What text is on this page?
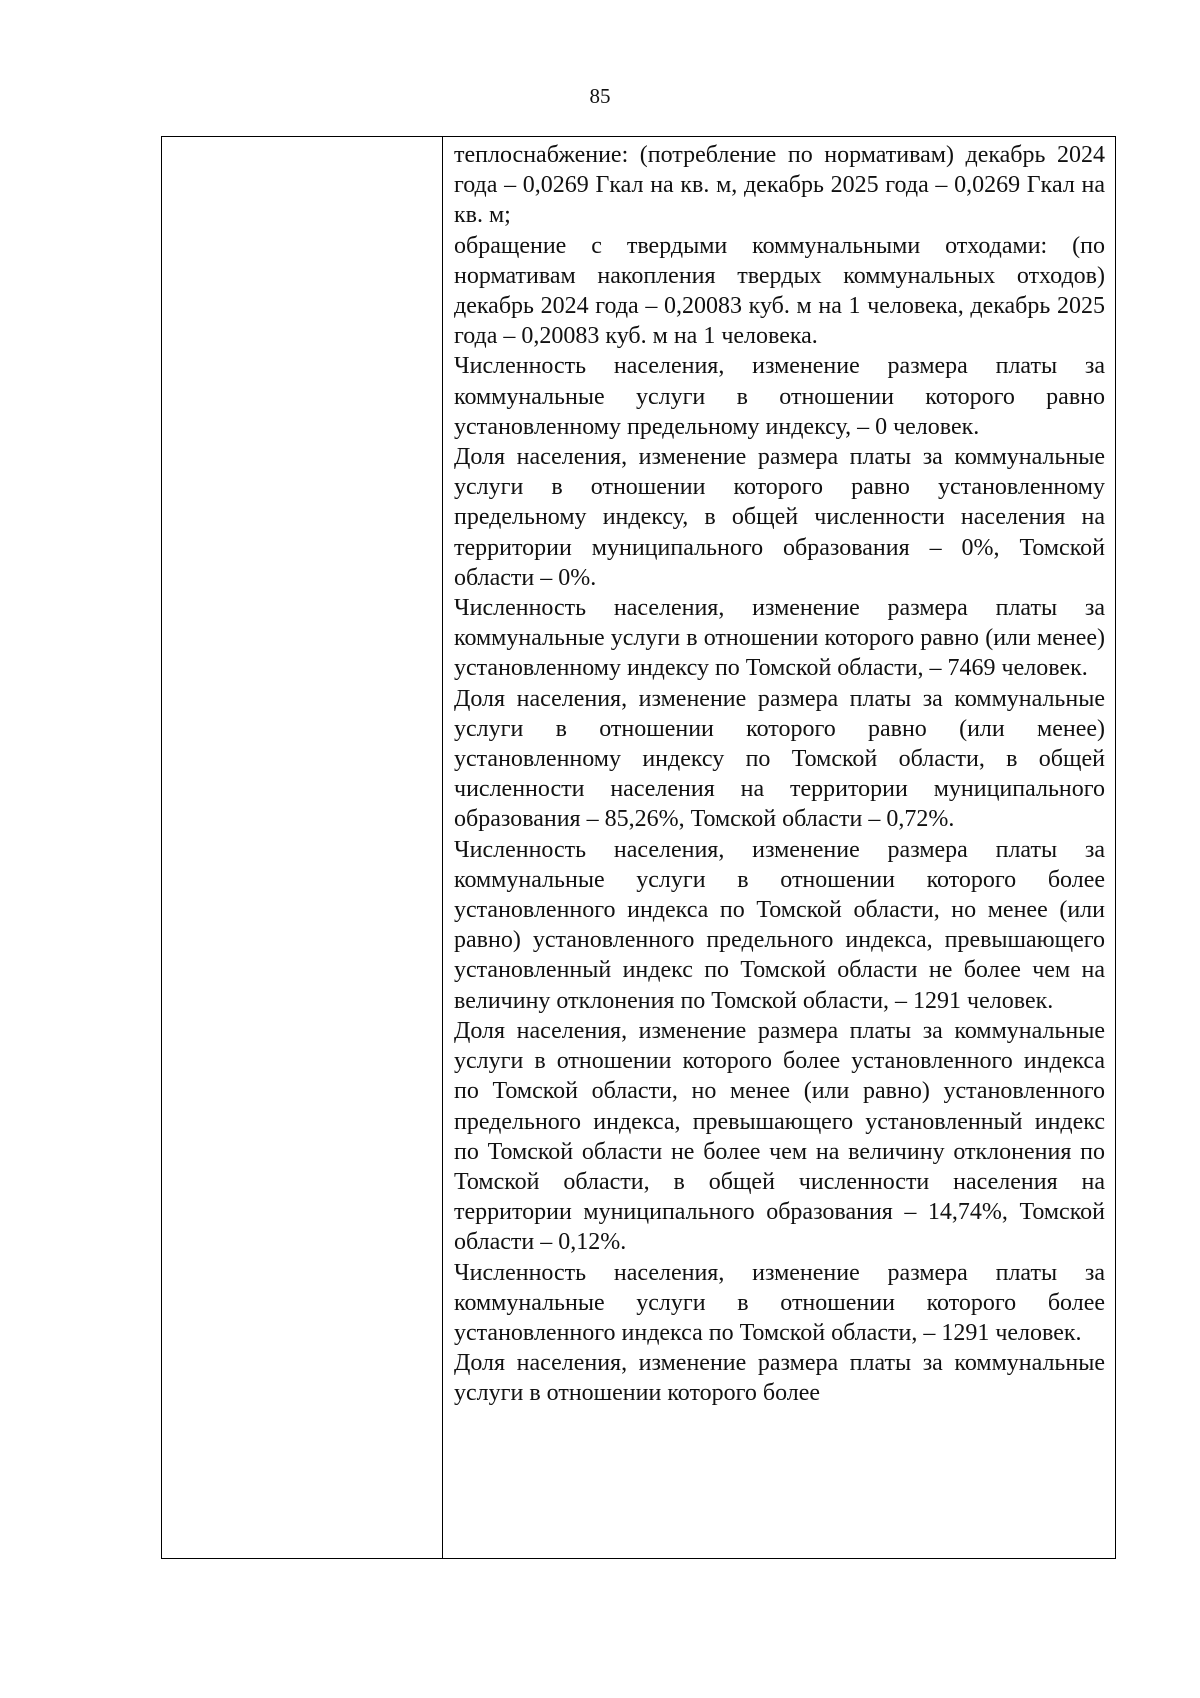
85

теплоснабжение: (потребление по нормативам) декабрь 2024 года – 0,0269 Гкал на кв. м, декабрь 2025 года – 0,0269 Гкал на кв. м;

обращение с твердыми коммунальными отходами: (по нормативам накопления твердых коммунальных отходов) декабрь 2024 года – 0,20083 куб. м на 1 человека, декабрь 2025 года – 0,20083 куб. м на 1 человека.

Численность населения, изменение размера платы за коммунальные услуги в отношении которого равно установленному предельному индексу, – 0 человек.

Доля населения, изменение размера платы за коммунальные услуги в отношении которого равно установленному предельному индексу, в общей численности населения на территории муниципального образования – 0%, Томской области – 0%.

Численность населения, изменение размера платы за коммунальные услуги в отношении которого равно (или менее) установленному индексу по Томской области, – 7469 человек.

Доля населения, изменение размера платы за коммунальные услуги в отношении которого равно (или менее) установленному индексу по Томской области, в общей численности населения на территории муниципального образования – 85,26%, Томской области – 0,72%.

Численность населения, изменение размера платы за коммунальные услуги в отношении которого более установленного индекса по Томской области, но менее (или равно) установленного предельного индекса, превышающего установленный индекс по Томской области не более чем на величину отклонения по Томской области, – 1291 человек.

Доля населения, изменение размера платы за коммунальные услуги в отношении которого более установленного индекса по Томской области, но менее (или равно) установленного предельного индекса, превышающего установленный индекс по Томской области не более чем на величину отклонения по Томской области, в общей численности населения на территории муниципального образования – 14,74%, Томской области – 0,12%.

Численность населения, изменение размера платы за коммунальные услуги в отношении которого более установленного индекса по Томской области, – 1291 человек.

Доля населения, изменение размера платы за коммунальные услуги в отношении которого более
